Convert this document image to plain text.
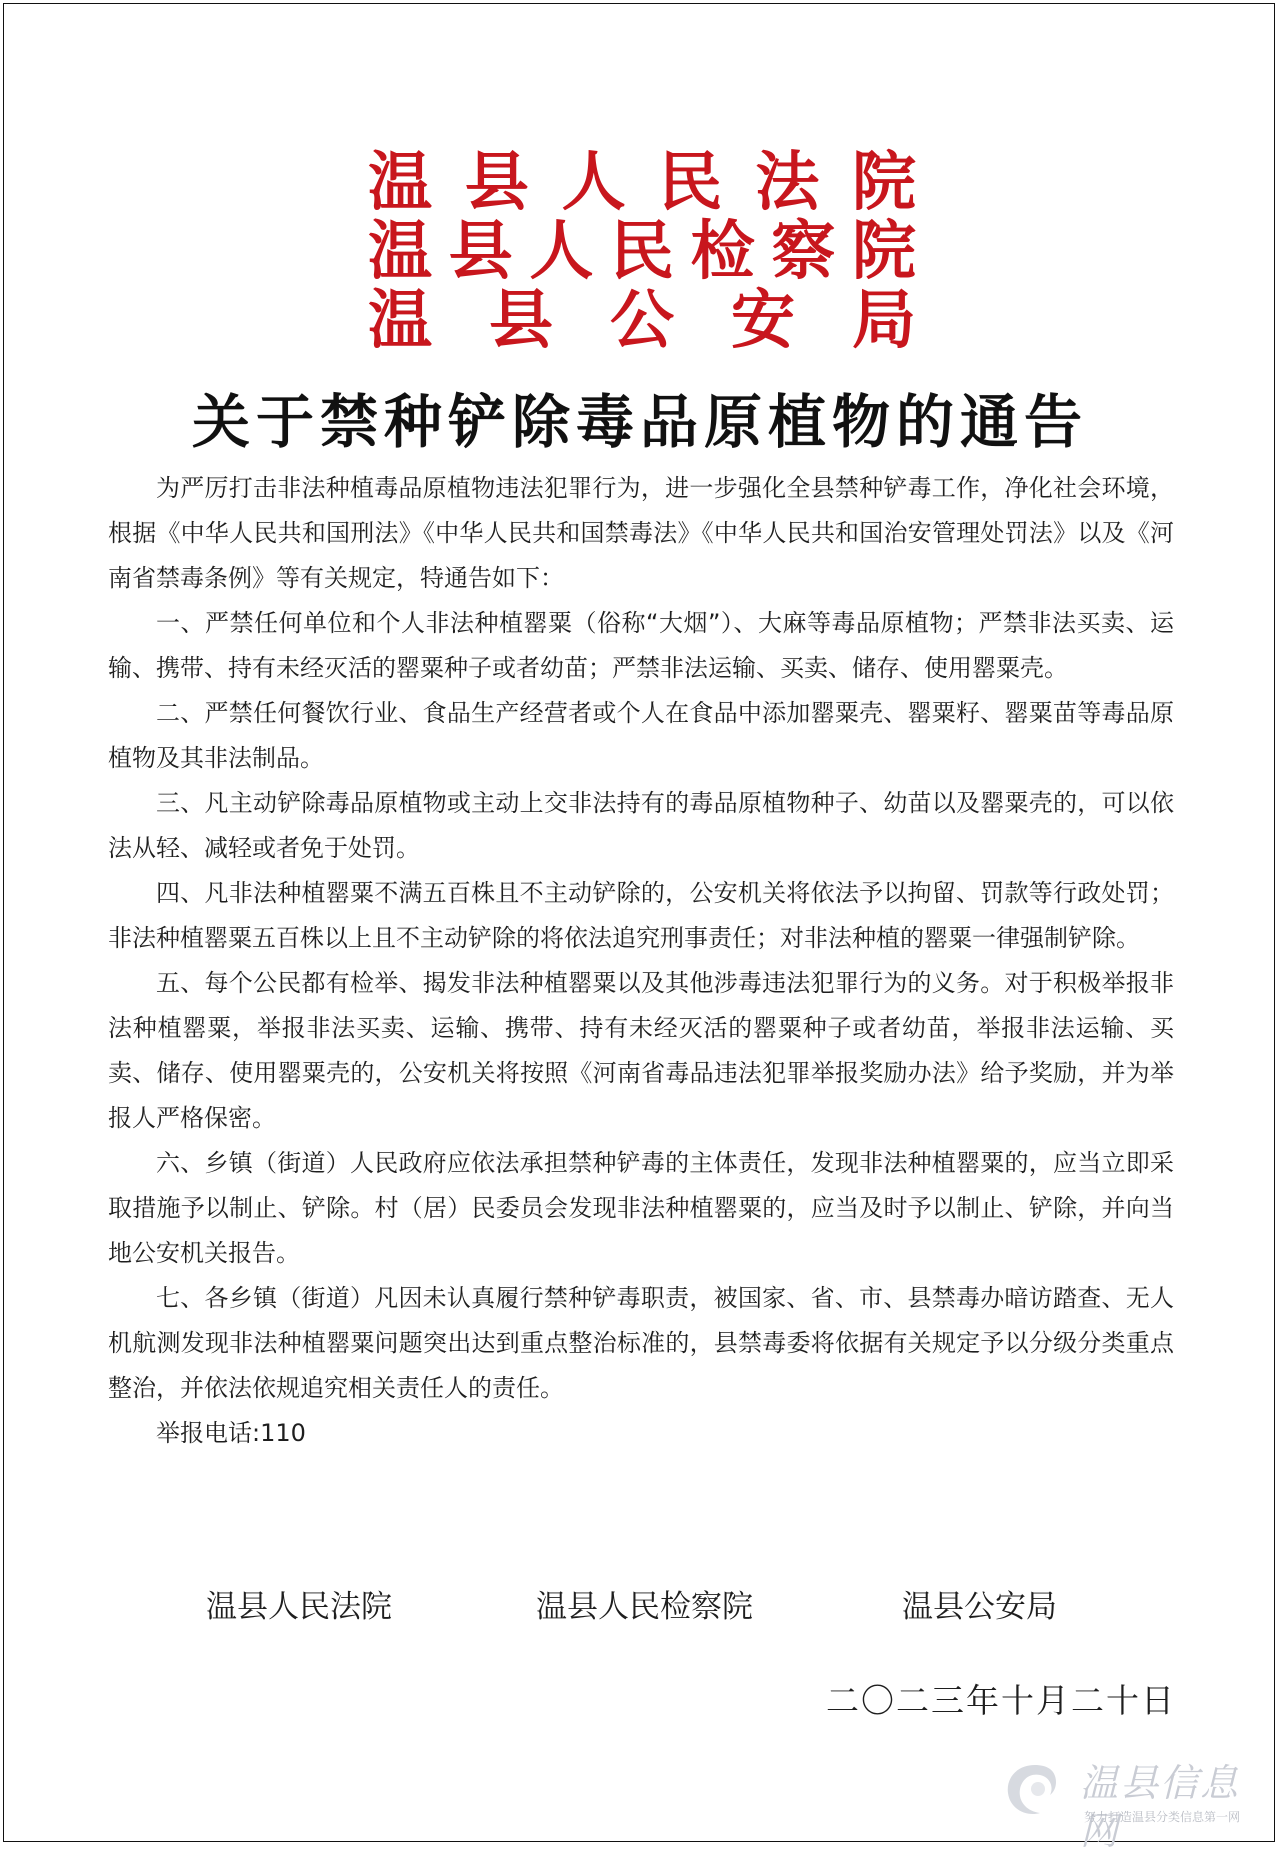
温 县 人 民 法 院
温 县 人 民 检 察 院
温 县 公 安 局
关于禁种铲除毒品原植物的通告

为严厉打击非法种植毒品原植物违法犯罪行为，进一步强化全县禁种铲毒工作，净化社会环境，根据《中华人民共和国刑法》《中华人民共和国禁毒法》《中华人民共和国治安管理处罚法》以及《河南省禁毒条例》等有关规定，特通告如下：

一、严禁任何单位和个人非法种植罂粟（俗称“大烟”）、大麻等毒品原植物；严禁非法买卖、运输、携带、持有未经灭活的罂粟种子或者幼苗；严禁非法运输、买卖、储存、使用罂粟壳。

二、严禁任何餐饮行业、食品生产经营者或个人在食品中添加罂粟壳、罂粟籽、罂粟苗等毒品原植物及其非法制品。

三、凡主动铲除毒品原植物或主动上交非法持有的毒品原植物种子、幼苗以及罂粟壳的，可以依法从轻、减轻或者免于处罚。

四、凡非法种植罂粟不满五百株且不主动铲除的，公安机关将依法予以拘留、罚款等行政处罚；非法种植罂粟五百株以上且不主动铲除的将依法追究刑事责任；对非法种植的罂粟一律强制铲除。

五、每个公民都有检举、揭发非法种植罂粟以及其他涉毒违法犯罪行为的义务。对于积极举报非法种植罂粟，举报非法买卖、运输、携带、持有未经灭活的罂粟种子或者幼苗，举报非法运输、买卖、储存、使用罂粟壳的，公安机关将按照《河南省毒品违法犯罪举报奖励办法》给予奖励，并为举报人严格保密。

六、乡镇（街道）人民政府应依法承担禁种铲毒的主体责任，发现非法种植罂粟的，应当立即采取措施予以制止、铲除。村（居）民委员会发现非法种植罂粟的，应当及时予以制止、铲除，并向当地公安机关报告。

七、各乡镇（街道）凡因未认真履行禁种铲毒职责，被国家、省、市、县禁毒办暗访踏查、无人机航测发现非法种植罂粟问题突出达到重点整治标准的，县禁毒委将依据有关规定予以分级分类重点整治，并依法依规追究相关责任人的责任。

举报电话:110

温县人民法院	温县人民检察院	温县公安局
二〇二三年十月二十日
温县信息网
努力打造温县分类信息第一网
